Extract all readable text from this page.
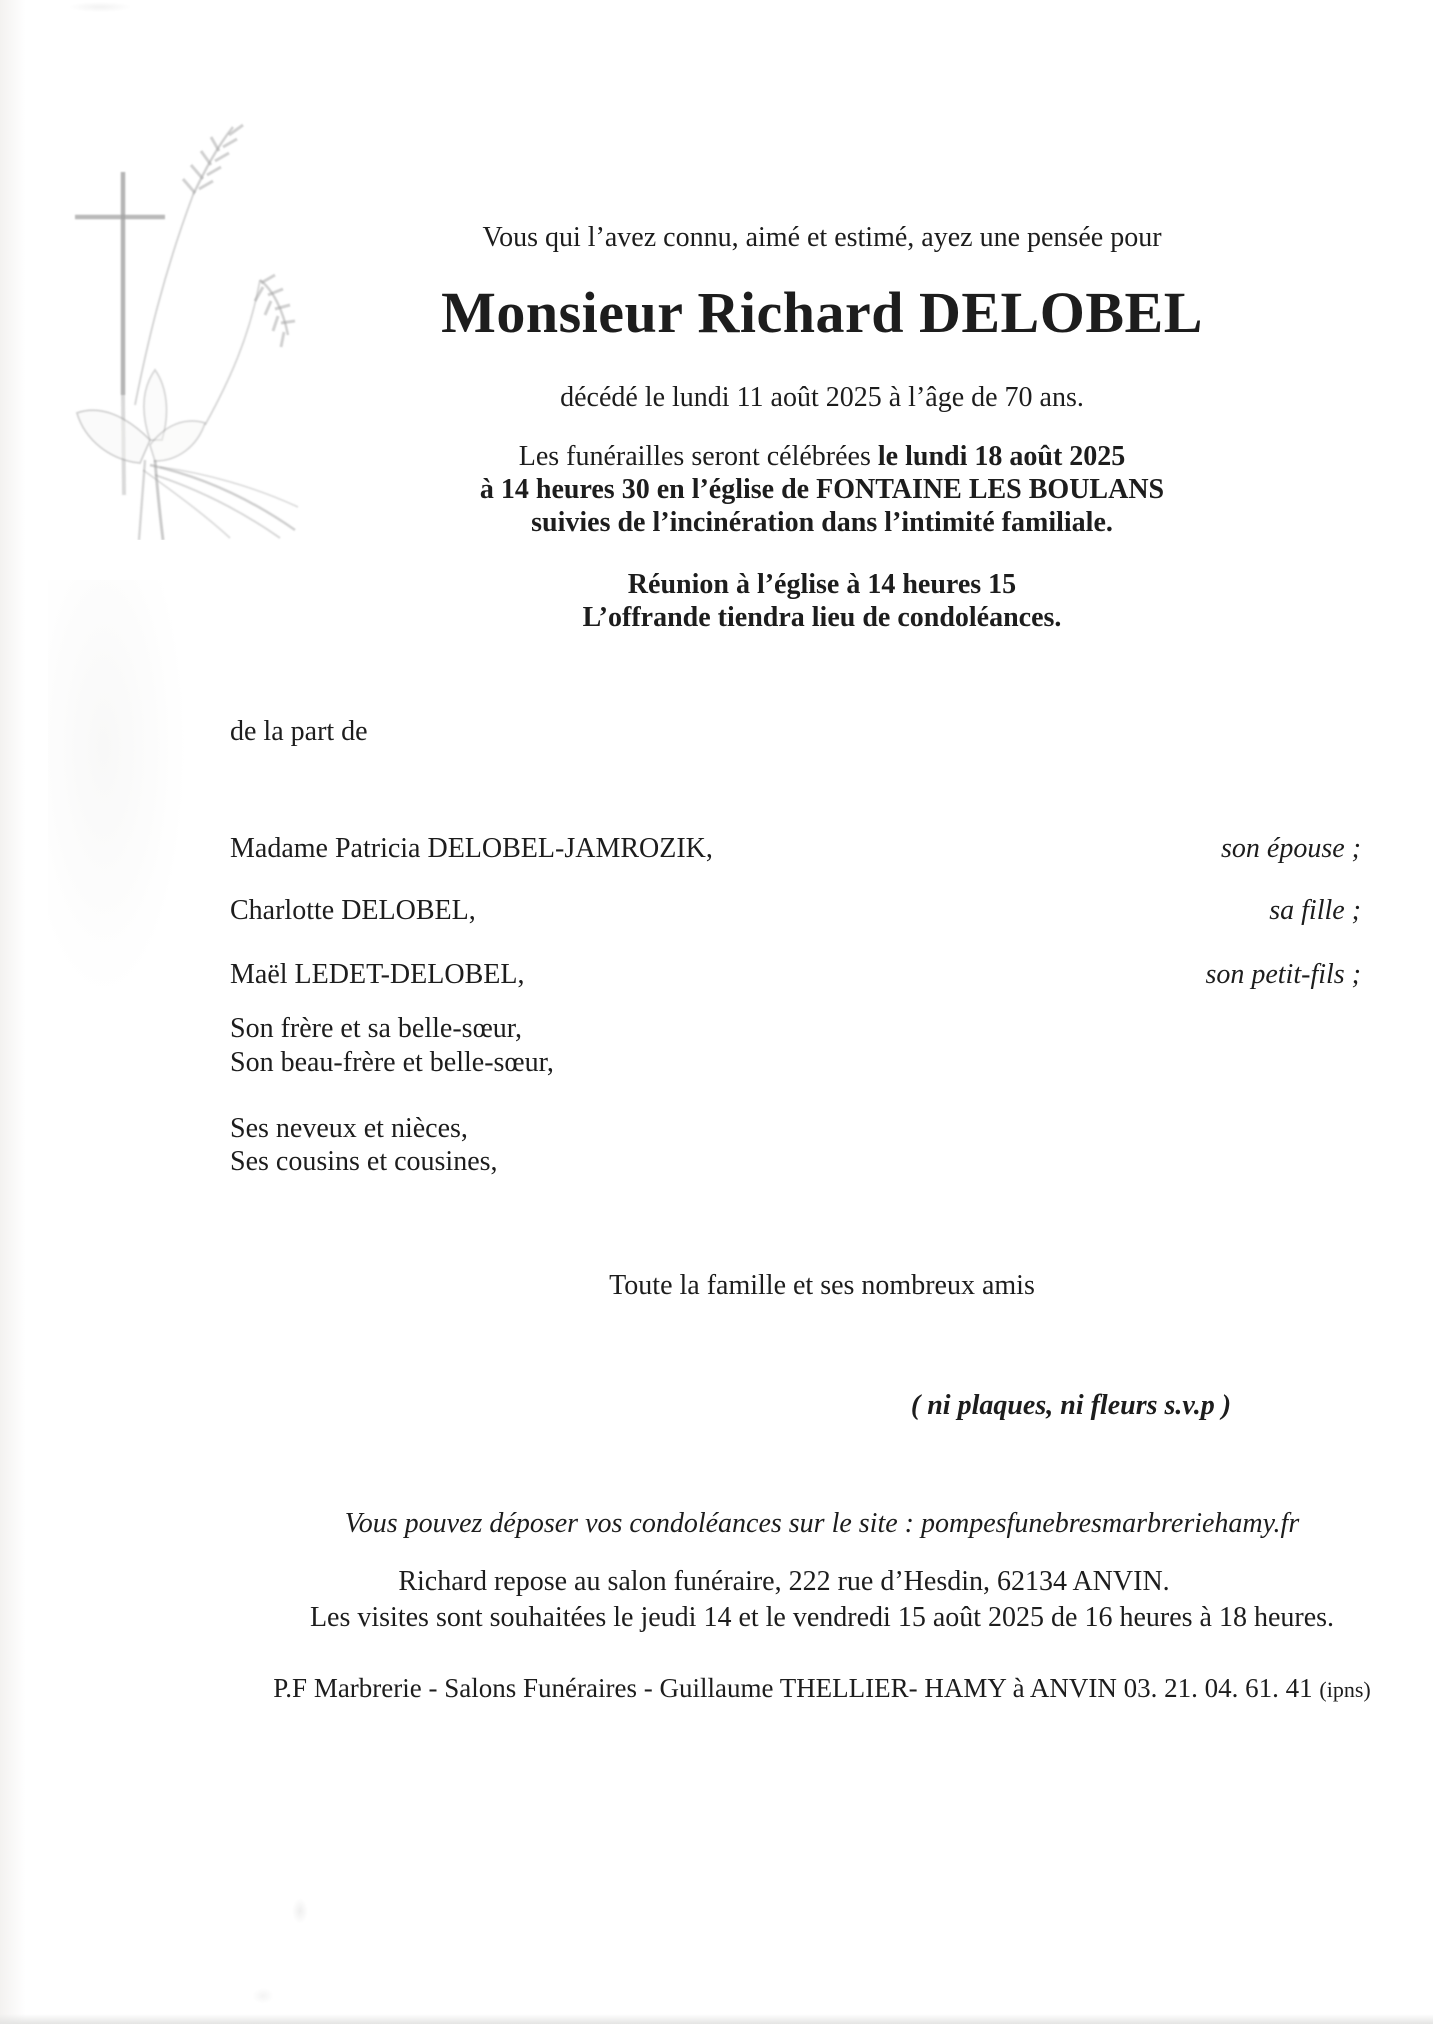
Vous qui l’avez connu, aimé et estimé, ayez une pensée pour
Monsieur Richard DELOBEL
décédé le lundi 11 août 2025 à l’âge de 70 ans.
Les funérailles seront célébrées le lundi 18 août 2025
à 14 heures 30 en l’église de FONTAINE LES BOULANS
suivies de l’incinération dans l’intimité familiale.
Réunion à l’église à 14 heures 15
L’offrande tiendra lieu de condoléances.
de la part de
Madame Patricia DELOBEL-JAMROZIK,	son épouse ;
Charlotte DELOBEL,	sa fille ;
Maël LEDET-DELOBEL,	son petit-fils ;
Son frère et sa belle-sœur,
Son beau-frère et belle-sœur,
Ses neveux et nièces,
Ses cousins et cousines,
Toute la famille et ses nombreux amis
( ni plaques, ni fleurs s.v.p )
Vous pouvez déposer vos condoléances sur le site : pompesfunebresmarbreriehamy.fr
Richard repose au salon funéraire, 222 rue d’Hesdin, 62134 ANVIN.
Les visites sont souhaitées le jeudi 14 et le vendredi 15 août 2025 de 16 heures à 18 heures.
P.F Marbrerie - Salons Funéraires - Guillaume THELLIER- HAMY à ANVIN 03. 21. 04. 61. 41 (ipns)
